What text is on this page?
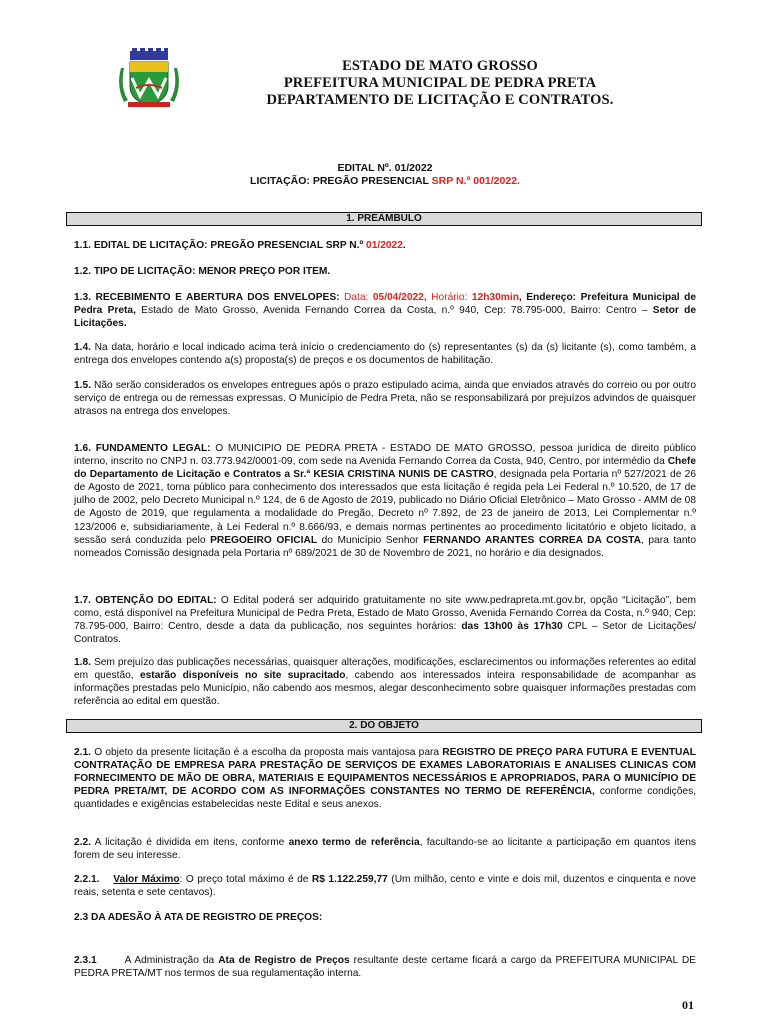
ESTADO DE MATO GROSSO
PREFEITURA MUNICIPAL DE PEDRA PRETA
DEPARTAMENTO DE LICITAÇÃO E CONTRATOS.
EDITAL Nº. 01/2022
LICITAÇÃO: PREGÃO PRESENCIAL SRP N.º 001/2022.
1. PREÂMBULO

1.1. EDITAL DE LICITAÇÃO: PREGÃO PRESENCIAL SRP N.º 01/2022.

1.2. TIPO DE LICITAÇÃO: MENOR PREÇO POR ITEM.

1.3. RECEBIMENTO E ABERTURA DOS ENVELOPES: Data: 05/04/2022, Horário: 12h30min, Endereço: Prefeitura Municipal de Pedra Preta, Estado de Mato Grosso, Avenida Fernando Correa da Costa, n.º 940, Cep: 78.795-000, Bairro: Centro – Setor de Licitações.

1.4. Na data, horário e local indicado acima terá início o credenciamento do (s) representantes (s) da (s) licitante (s), como também, a entrega dos envelopes contendo a(s) proposta(s) de preços e os documentos de habilitação.

1.5. Não serão considerados os envelopes entregues após o prazo estipulado acima, ainda que enviados através do correio ou por outro serviço de entrega ou de remessas expressas. O Município de Pedra Preta, não se responsabilizará por prejuízos advindos de quaisquer atrasos na entrega dos envelopes.

1.6. FUNDAMENTO LEGAL: O MUNICIPIO DE PEDRA PRETA - ESTADO DE MATO GROSSO, pessoa jurídica de direito público interno, inscrito no CNPJ n. 03.773.942/0001-09, com sede na Avenida Fernando Correa da Costa, 940, Centro, por intermédio da Chefe do Departamento de Licitação e Contratos a Sr.ª KESIA CRISTINA NUNIS DE CASTRO, designada pela Portaria nº 527/2021 de 26 de Agosto de 2021, torna público para conhecimento dos interessados que esta licitação é regida pela Lei Federal n.º 10.520, de 17 de julho de 2002, pelo Decreto Municipal n.º 124, de 6 de Agosto de 2019, publicado no Diário Oficial Eletrônico – Mato Grosso - AMM de 08 de Agosto de 2019, que regulamenta a modalidade do Pregão, Decreto nº 7.892, de 23 de janeiro de 2013, Lei Complementar n.º 123/2006 e, subsidiariamente, à Lei Federal n.º 8.666/93, e demais normas pertinentes ao procedimento licitatório e objeto licitado, a sessão será conduzida pelo PREGOEIRO OFICIAL do Município Senhor FERNANDO ARANTES CORREA DA COSTA, para tanto nomeados Comissão designada pela Portaria nº 689/2021 de 30 de Novembro de 2021, no horário e dia designados.

1.7. OBTENÇÃO DO EDITAL: O Edital poderá ser adquirido gratuitamente no site www.pedrapreta.mt.gov.br, opção “Licitação”, bem como, está disponível na Prefeitura Municipal de Pedra Preta, Estado de Mato Grosso, Avenida Fernando Correa da Costa, n.º 940, Cep: 78.795-000, Bairro: Centro, desde a data da publicação, nos seguintes horários: das 13h00 às 17h30 CPL – Setor de Licitações/ Contratos.

1.8. Sem prejuízo das publicações necessárias, quaisquer alterações, modificações, esclarecimentos ou informações referentes ao edital em questão, estarão disponíveis no site supracitado, cabendo aos interessados inteira responsabilidade de acompanhar as informações prestadas pelo Município, não cabendo aos mesmos, alegar desconhecimento sobre quaisquer informações prestadas com referência ao edital em questão.

2. DO OBJETO

2.1. O objeto da presente licitação é a escolha da proposta mais vantajosa para REGISTRO DE PREÇO PARA FUTURA E EVENTUAL CONTRATAÇÃO DE EMPRESA PARA PRESTAÇÃO DE SERVIÇOS DE EXAMES LABORATORIAIS E ANALISES CLINICAS COM FORNECIMENTO DE MÃO DE OBRA, MATERIAIS E EQUIPAMENTOS NECESSÁRIOS E APROPRIADOS, PARA O MUNICÍPIO DE PEDRA PRETA/MT, DE ACORDO COM AS INFORMAÇÕES CONSTANTES NO TERMO DE REFERÊNCIA, conforme condições, quantidades e exigências estabelecidas neste Edital e seus anexos.

2.2. A licitação é dividida em itens, conforme anexo termo de referência, facultando-se ao licitante a participação em quantos itens forem de seu interesse.

2.2.1. Valor Máximo: O preço total máximo é de R$ 1.122.259,77 (Um milhão, cento e vinte e dois mil, duzentos e cinquenta e nove reais, setenta e sete centavos).

2.3 DA ADESÃO À ATA DE REGISTRO DE PREÇOS:

2.3.1	A Administração da Ata de Registro de Preços resultante deste certame ficará a cargo da PREFEITURA MUNICIPAL DE PEDRA PRETA/MT nos termos de sua regulamentação interna.

01
